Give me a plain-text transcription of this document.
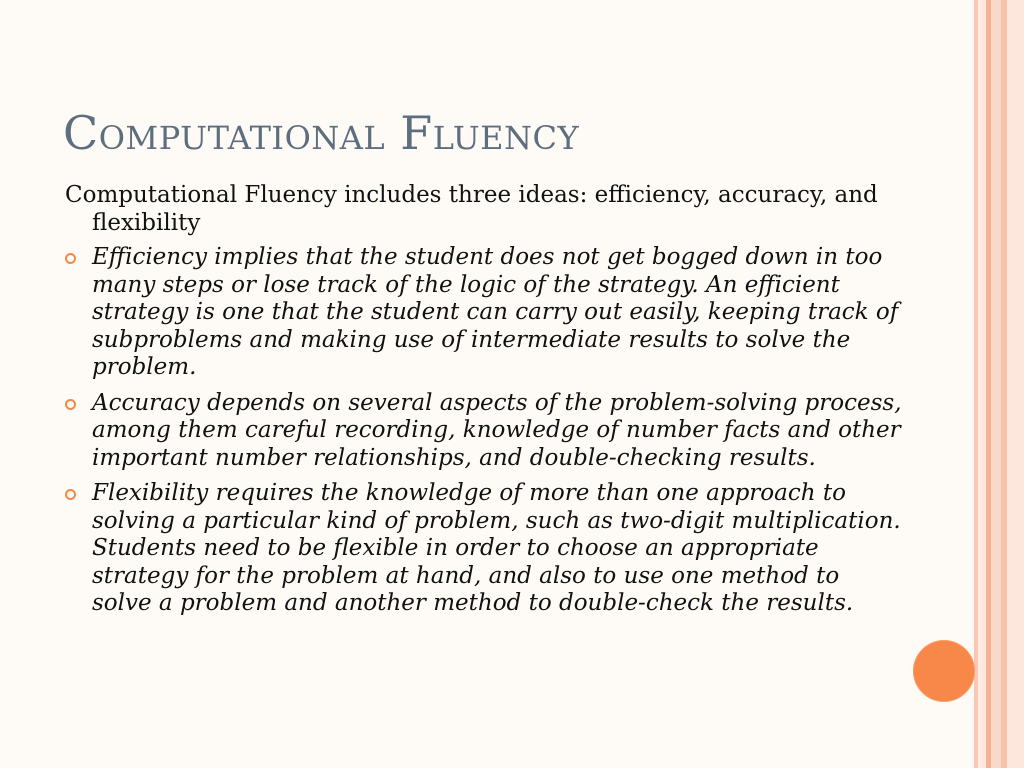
Computational Fluency

Computational Fluency includes three ideas: efficiency, accuracy, and flexibility

Efficiency implies that the student does not get bogged down in too many steps or lose track of the logic of the strategy. An efficient strategy is one that the student can carry out easily, keeping track of subproblems and making use of intermediate results to solve the problem.
Accuracy depends on several aspects of the problem-solving process, among them careful recording, knowledge of number facts and other important number relationships, and double-checking results.
Flexibility requires the knowledge of more than one approach to solving a particular kind of problem, such as two-digit multiplication. Students need to be flexible in order to choose an appropriate strategy for the problem at hand, and also to use one method to solve a problem and another method to double-check the results.
